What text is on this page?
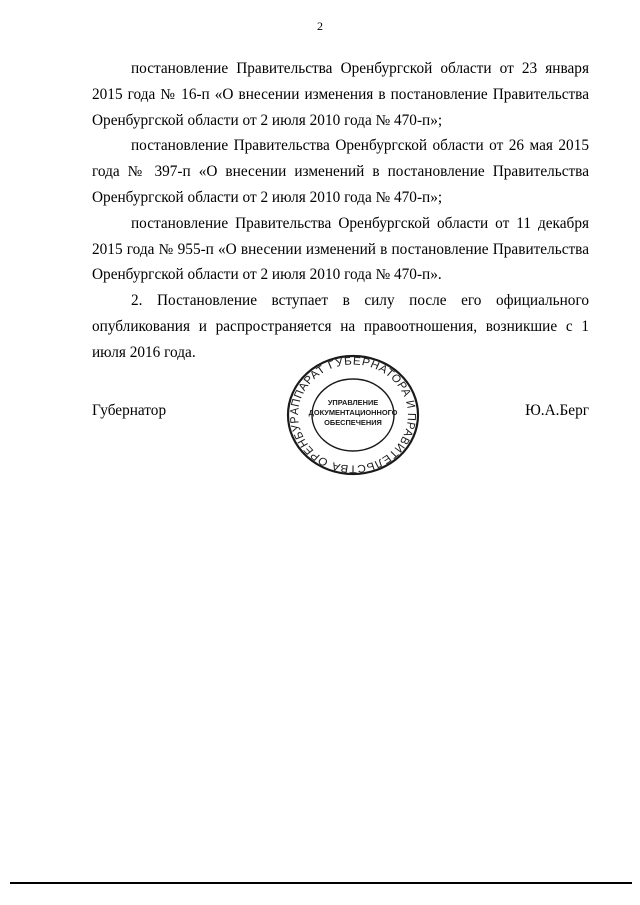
2

постановление Правительства Оренбургской области от 23 января 2015 года № 16-п «О внесении изменения в постановление Правительства Оренбургской области от 2 июля 2010 года № 470-п»;

постановление Правительства Оренбургской области от 26 мая 2015 года № 397-п «О внесении изменений в постановление Правительства Оренбургской области от 2 июля 2010 года № 470-п»;

постановление Правительства Оренбургской области от 11 декабря 2015 года № 955-п «О внесении изменений в постановление Правительства Оренбургской области от 2 июля 2010 года № 470-п».

2. Постановление вступает в силу после его официального опубликования и распространяется на правоотношения, возникшие с 1 июля 2016 года.

Губернатор	Ю.А.Берг
АППАРАТ ГУБЕРНАТОРА И ПРАВИТЕЛЬСТВА ОРЕНБУР
УПРАВЛЕНИЕ
ДОКУМЕНТАЦИОННОГО
ОБЕСПЕЧЕНИЯ
